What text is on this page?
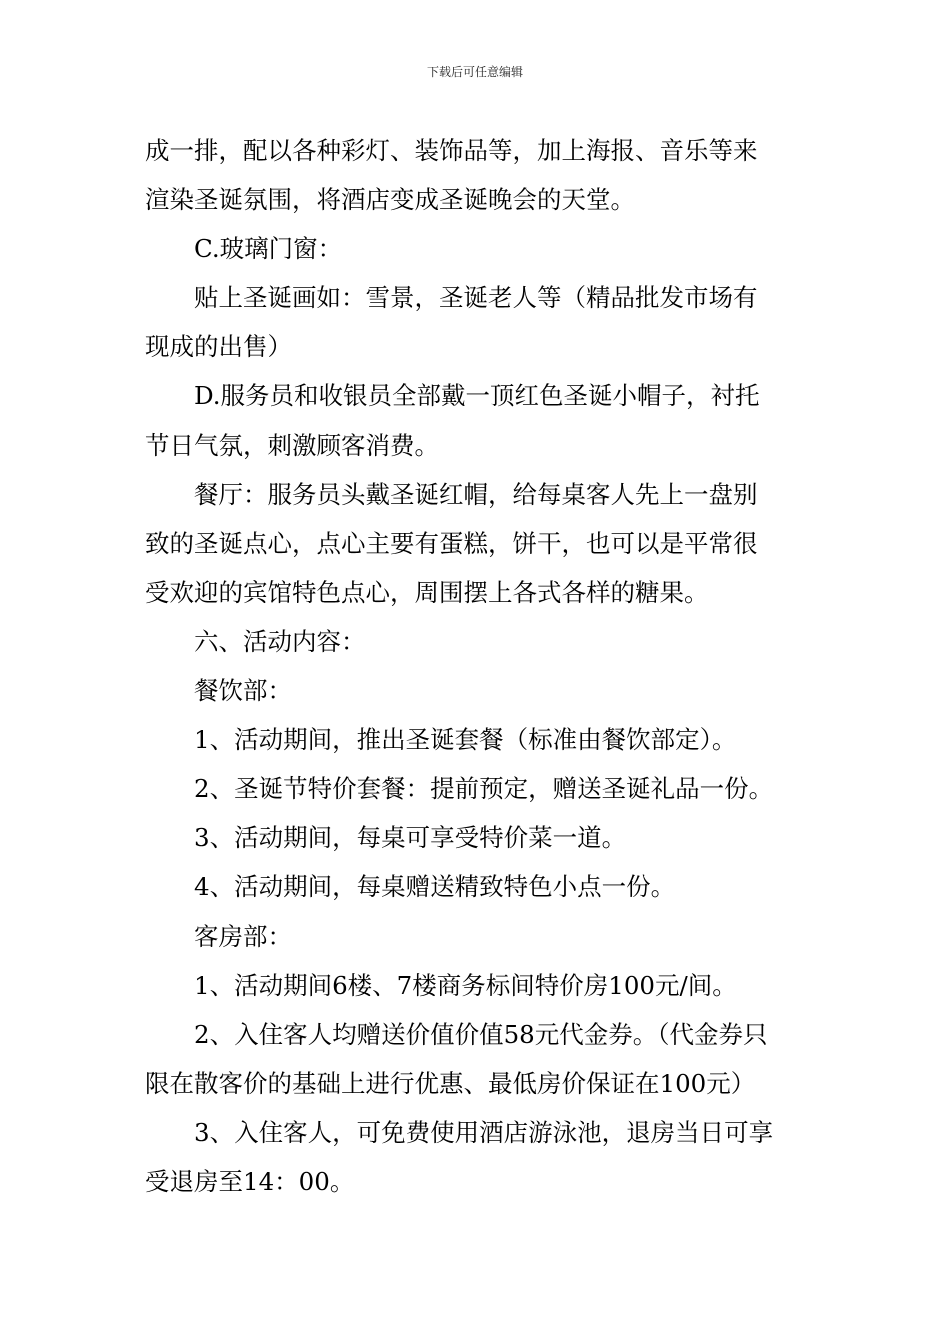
下载后可任意编辑
成一排，配以各种彩灯、装饰品等，加上海报、音乐等来
渲染圣诞氛围，将酒店变成圣诞晚会的天堂。
C.玻璃门窗：
贴上圣诞画如：雪景，圣诞老人等（精品批发市场有
现成的出售）
D.服务员和收银员全部戴一顶红色圣诞小帽子，衬托
节日气氛，刺激顾客消费。
餐厅：服务员头戴圣诞红帽，给每桌客人先上一盘别
致的圣诞点心，点心主要有蛋糕，饼干，也可以是平常很
受欢迎的宾馆特色点心，周围摆上各式各样的糖果。
六、活动内容：
餐饮部：
1、活动期间，推出圣诞套餐（标准由餐饮部定）。
2、圣诞节特价套餐：提前预定，赠送圣诞礼品一份。
3、活动期间，每桌可享受特价菜一道。
4、活动期间，每桌赠送精致特色小点一份。
客房部：
1、活动期间6楼、7楼商务标间特价房100元/间。
2、入住客人均赠送价值价值58元代金券。（代金券只
限在散客价的基础上进行优惠、最低房价保证在100元）
3、入住客人，可免费使用酒店游泳池，退房当日可享
受退房至14：00。
